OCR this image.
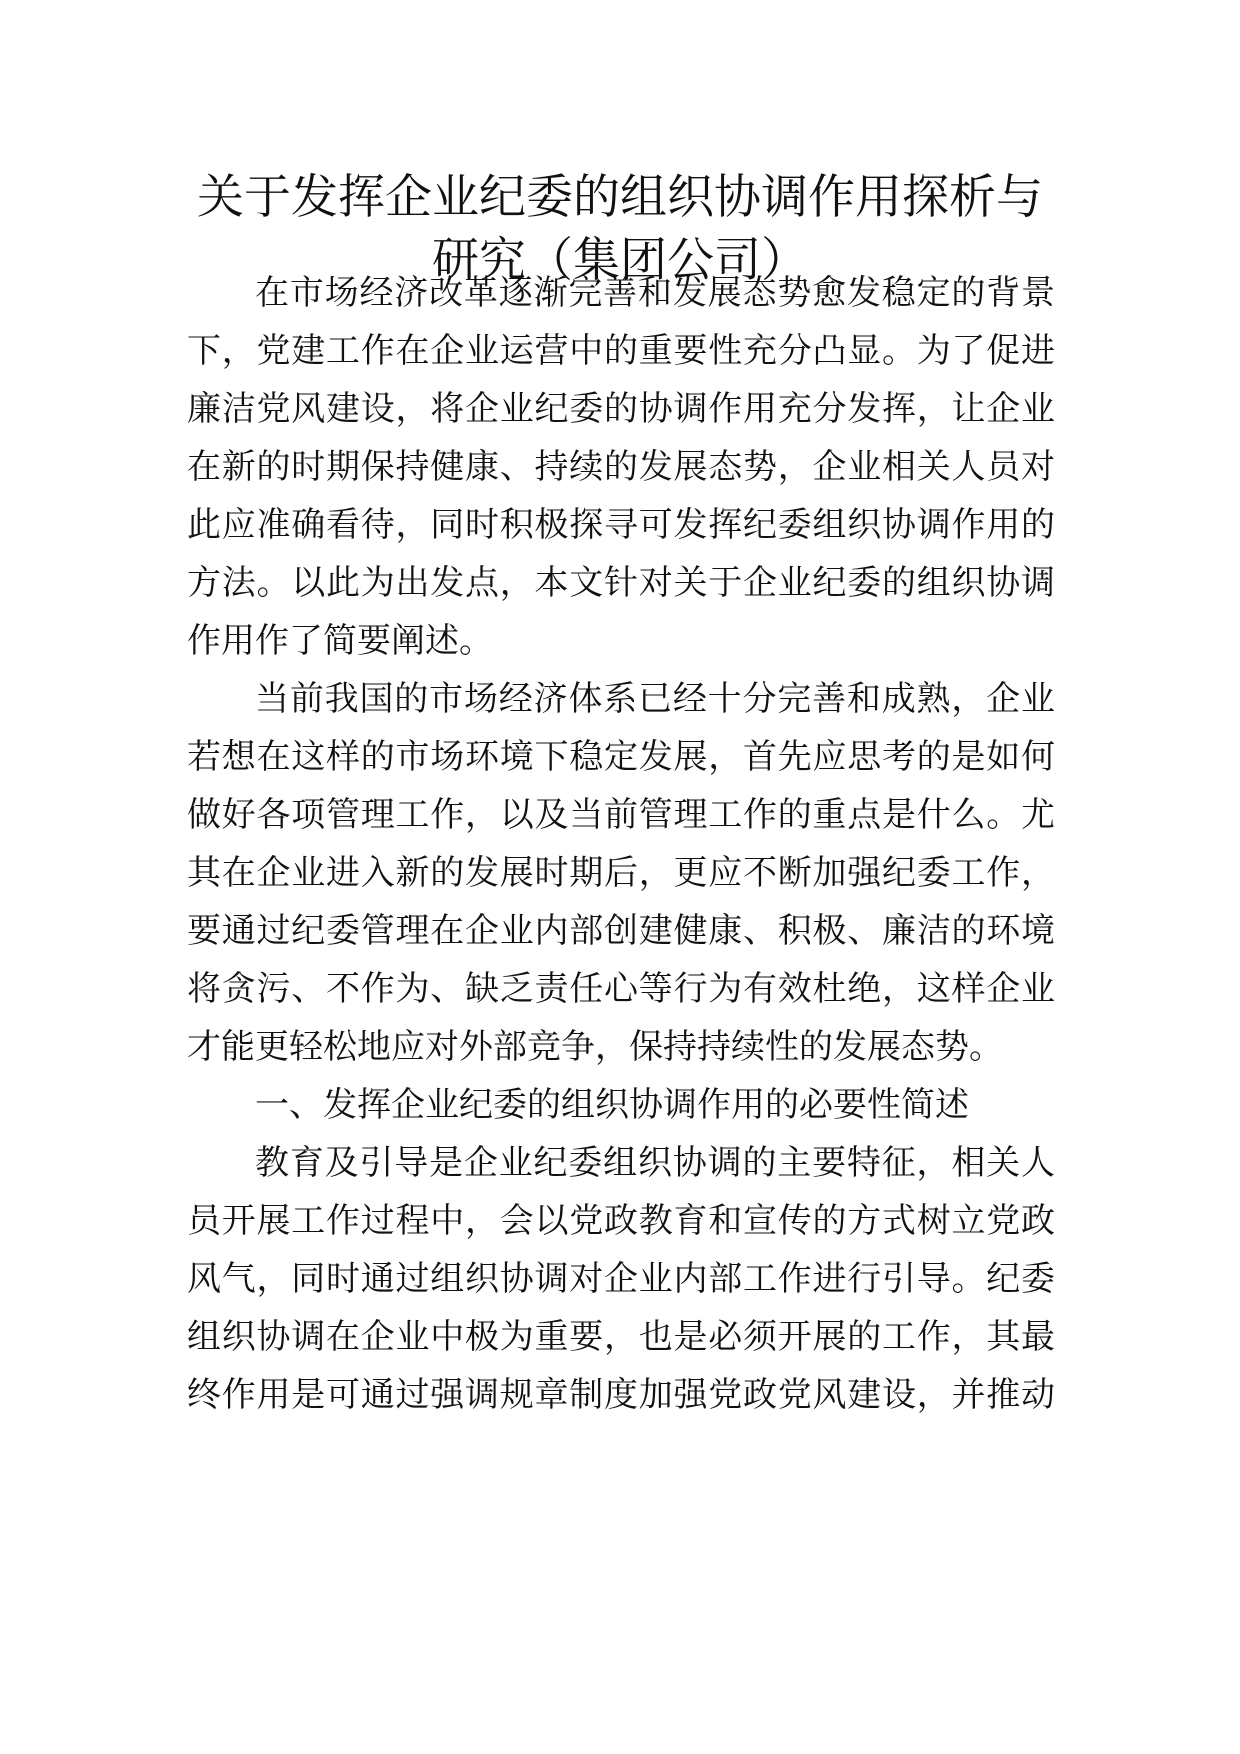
关于发挥企业纪委的组织协调作用探析与
研究（集团公司）
在市场经济改革逐渐完善和发展态势愈发稳定的背景
下，党建工作在企业运营中的重要性充分凸显。为了促进
廉洁党风建设，将企业纪委的协调作用充分发挥，让企业
在新的时期保持健康、持续的发展态势，企业相关人员对
此应准确看待，同时积极探寻可发挥纪委组织协调作用的
方法。以此为出发点，本文针对关于企业纪委的组织协调
作用作了简要阐述。
当前我国的市场经济体系已经十分完善和成熟，企业
若想在这样的市场环境下稳定发展，首先应思考的是如何
做好各项管理工作，以及当前管理工作的重点是什么。尤
其在企业进入新的发展时期后，更应不断加强纪委工作，
要通过纪委管理在企业内部创建健康、积极、廉洁的环境
将贪污、不作为、缺乏责任心等行为有效杜绝，这样企业
才能更轻松地应对外部竞争，保持持续性的发展态势。
一、发挥企业纪委的组织协调作用的必要性简述
教育及引导是企业纪委组织协调的主要特征，相关人
员开展工作过程中，会以党政教育和宣传的方式树立党政
风气，同时通过组织协调对企业内部工作进行引导。纪委
组织协调在企业中极为重要，也是必须开展的工作，其最
终作用是可通过强调规章制度加强党政党风建设，并推动
